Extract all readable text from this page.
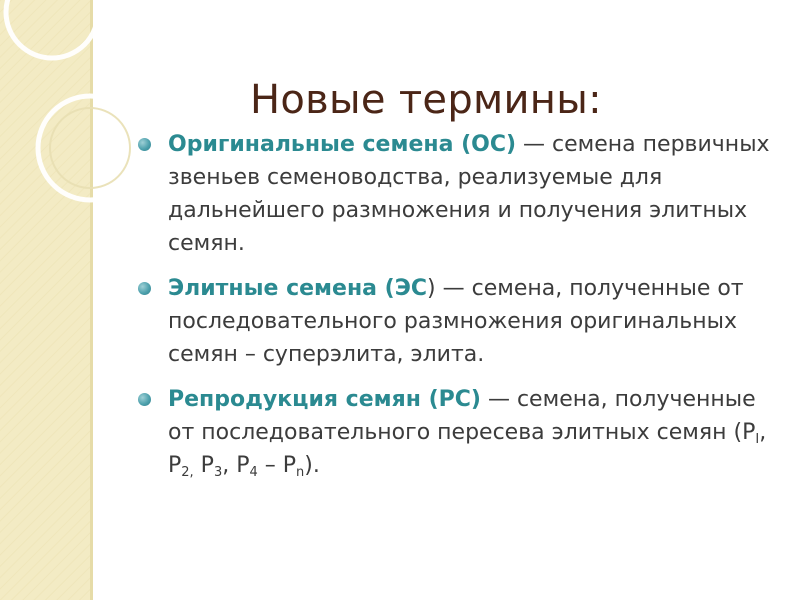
Новые термины:
Оригинальные семена (ОС) — семена первичных звеньев семеноводства, реализуемые для дальнейшего размножения и получения элитных семян.
Элитные семена (ЭС) — семена, полученные от последовательного размножения оригинальных семян – суперэлита, элита.
Репродукция семян (РС) — семена, полученные от последовательного пересева элитных семян ($Р_I$, $Р_{2,}$ $Р_3$, $Р_4 - Р_n$).
